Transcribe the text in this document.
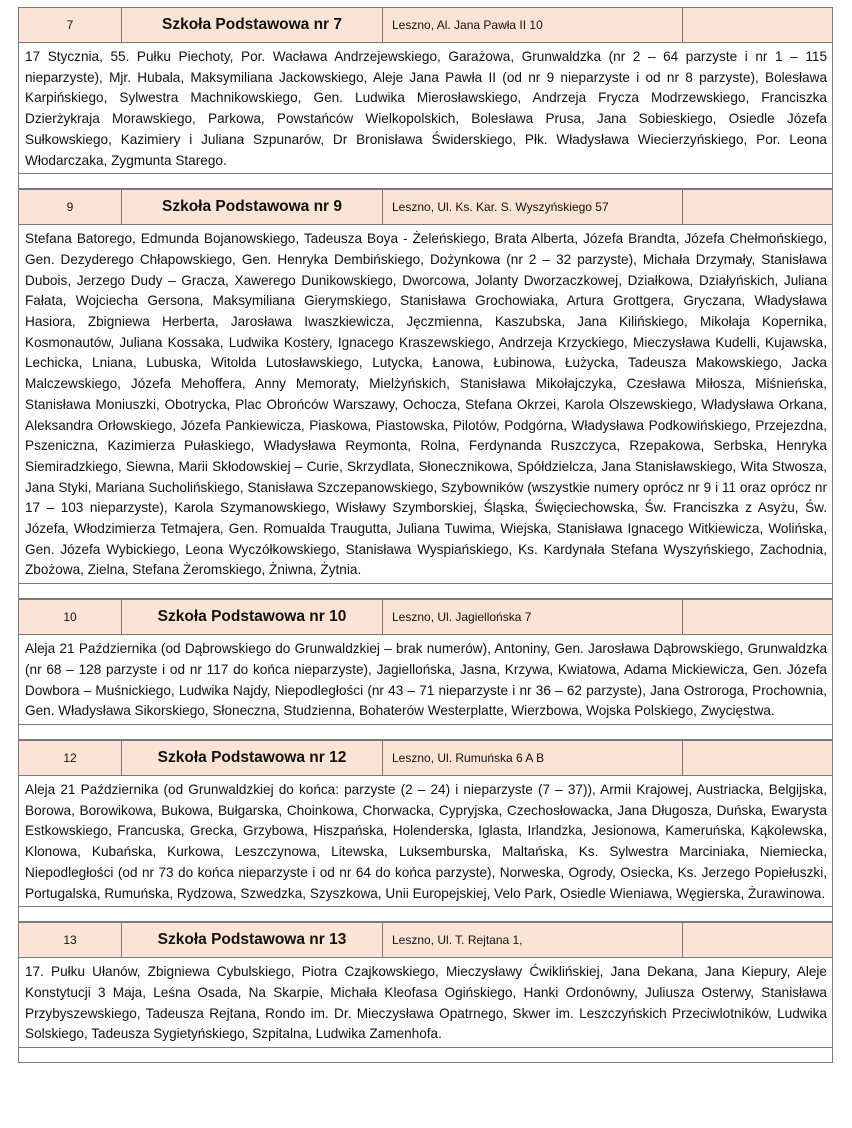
7	Szkoła Podstawowa nr 7	Leszno, Al. Jana Pawła II 10
17 Stycznia, 55. Pułku Piechoty, Por. Wacława Andrzejewskiego, Garażowa, Grunwaldzka (nr 2 – 64 parzyste i nr 1 – 115 nieparzyste), Mjr. Hubala, Maksymiliana Jackowskiego, Aleje Jana Pawła II (od nr 9 nieparzyste i od nr 8 parzyste), Bolesława Karpińskiego, Sylwestra Machnikowskiego, Gen. Ludwika Mierosławskiego, Andrzeja Frycza Modrzewskiego, Franciszka Dzierżykraja Morawskiego, Parkowa, Powstańców Wielkopolskich, Bolesława Prusa, Jana Sobieskiego, Osiedle Józefa Sułkowskiego, Kazimiery i Juliana Szpunarów, Dr Bronisława Świderskiego, Płk. Władysława Wiecierzyńskiego, Por. Leona Włodarczaka, Zygmunta Starego.
9	Szkoła Podstawowa nr 9	Leszno, Ul. Ks. Kar. S. Wyszyńskiego 57
Stefana Batorego, Edmunda Bojanowskiego, Tadeusza Boya - Żeleńskiego, Brata Alberta, Józefa Brandta, Józefa Chełmońskiego, Gen. Dezyderego Chłapowskiego, Gen. Henryka Dembińskiego, Dożynkowa (nr 2 – 32 parzyste), Michała Drzymały, Stanisława Dubois, Jerzego Dudy – Gracza, Xawerego Dunikowskiego, Dworcowa, Jolanty Dworzaczkowej, Działkowa, Działyńskich, Juliana Fałata, Wojciecha Gersona, Maksymiliana Gierymskiego, Stanisława Grochowiaka, Artura Grottgera, Gryczana, Władysława Hasiora, Zbigniewa Herberta, Jarosława Iwaszkiewicza, Jęczmienna, Kaszubska, Jana Kilińskiego, Mikołaja Kopernika, Kosmonautów, Juliana Kossaka, Ludwika Kostery, Ignacego Kraszewskiego, Andrzeja Krzyckiego, Mieczysława Kudelli, Kujawska, Lechicka, Lniana, Lubuska, Witolda Lutosławskiego, Lutycka, Łanowa, Łubinowa, Łużycka, Tadeusza Makowskiego, Jacka Malczewskiego, Józefa Mehoffera, Anny Memoraty, Mielżyńskich, Stanisława Mikołajczyka, Czesława Miłosza, Miśnieńska, Stanisława Moniuszki, Obotrycka, Plac Obrońców Warszawy, Ochocza, Stefana Okrzei, Karola Olszewskiego, Władysława Orkana, Aleksandra Orłowskiego, Józefa Pankiewicza, Piaskowa, Piastowska, Pilotów, Podgórna, Władysława Podkowińskiego, Przejezdna, Pszeniczna, Kazimierza Pułaskiego, Władysława Reymonta, Rolna, Ferdynanda Ruszczyca, Rzepakowa, Serbska, Henryka Siemiradzkiego, Siewna, Marii Skłodowskiej – Curie, Skrzydlata, Słonecznikowa, Spółdzielcza, Jana Stanisławskiego, Wita Stwosza, Jana Styki, Mariana Sucholińskiego, Stanisława Szczepanowskiego, Szybowników (wszystkie numery oprócz nr 9 i 11 oraz oprócz nr 17 – 103 nieparzyste), Karola Szymanowskiego, Wisławy Szymborskiej, Śląska, Święciechowska, Św. Franciszka z Asyżu, Św. Józefa, Włodzimierza Tetmajera, Gen. Romualda Traugutta, Juliana Tuwima, Wiejska, Stanisława Ignacego Witkiewicza, Wolińska, Gen. Józefa Wybickiego, Leona Wyczółkowskiego, Stanisława Wyspiańskiego, Ks. Kardynała Stefana Wyszyńskiego, Zachodnia, Zbożowa, Zielna, Stefana Żeromskiego, Żniwna, Żytnia.
10	Szkoła Podstawowa nr 10	Leszno, Ul. Jagiellońska 7
Aleja 21 Października (od Dąbrowskiego do Grunwaldzkiej – brak numerów), Antoniny, Gen. Jarosława Dąbrowskiego, Grunwaldzka (nr 68 – 128 parzyste i od nr 117 do końca nieparzyste), Jagiellońska, Jasna, Krzywa, Kwiatowa, Adama Mickiewicza, Gen. Józefa Dowbora – Muśnickiego, Ludwika Najdy, Niepodległości (nr 43 – 71 nieparzyste i nr 36 – 62 parzyste), Jana Ostroroga, Prochownia, Gen. Władysława Sikorskiego, Słoneczna, Studzienna, Bohaterów Westerplatte, Wierzbowa, Wojska Polskiego, Zwycięstwa.
12	Szkoła Podstawowa nr 12	Leszno, Ul. Rumuńska 6 A B
Aleja 21 Października (od Grunwaldzkiej do końca: parzyste (2 – 24) i nieparzyste (7 – 37)), Armii Krajowej, Austriacka, Belgijska, Borowa, Borowikowa, Bukowa, Bułgarska, Choinkowa, Chorwacka, Cypryjska, Czechosłowacka, Jana Długosza, Duńska, Ewarysta Estkowskiego, Francuska, Grecka, Grzybowa, Hiszpańska, Holenderska, Iglasta, Irlandzka, Jesionowa, Kameruńska, Kąkolewska, Klonowa, Kubańska, Kurkowa, Leszczynowa, Litewska, Luksemburska, Maltańska, Ks. Sylwestra Marciniaka, Niemiecka, Niepodległości (od nr 73 do końca nieparzyste i od nr 64 do końca parzyste), Norweska, Ogrody, Osiecka, Ks. Jerzego Popiełuszki, Portugalska, Rumuńska, Rydzowa, Szwedzka, Szyszkowa, Unii Europejskiej, Velo Park, Osiedle Wieniawa, Węgierska, Żurawinowa.
13	Szkoła Podstawowa nr 13	Leszno, Ul. T. Rejtana 1,
17. Pułku Ułanów, Zbigniewa Cybulskiego, Piotra Czajkowskiego, Mieczysławy Ćwiklińskiej, Jana Dekana, Jana Kiepury, Aleje Konstytucji 3 Maja, Leśna Osada, Na Skarpie, Michała Kleofasa Ogińskiego, Hanki Ordonówny, Juliusza Osterwy, Stanisława Przybyszewskiego, Tadeusza Rejtana, Rondo im. Dr. Mieczysława Opatrnego, Skwer im. Leszczyńskich Przeciwlotników, Ludwika Solskiego, Tadeusza Sygietyńskiego, Szpitalna, Ludwika Zamenhofa.
